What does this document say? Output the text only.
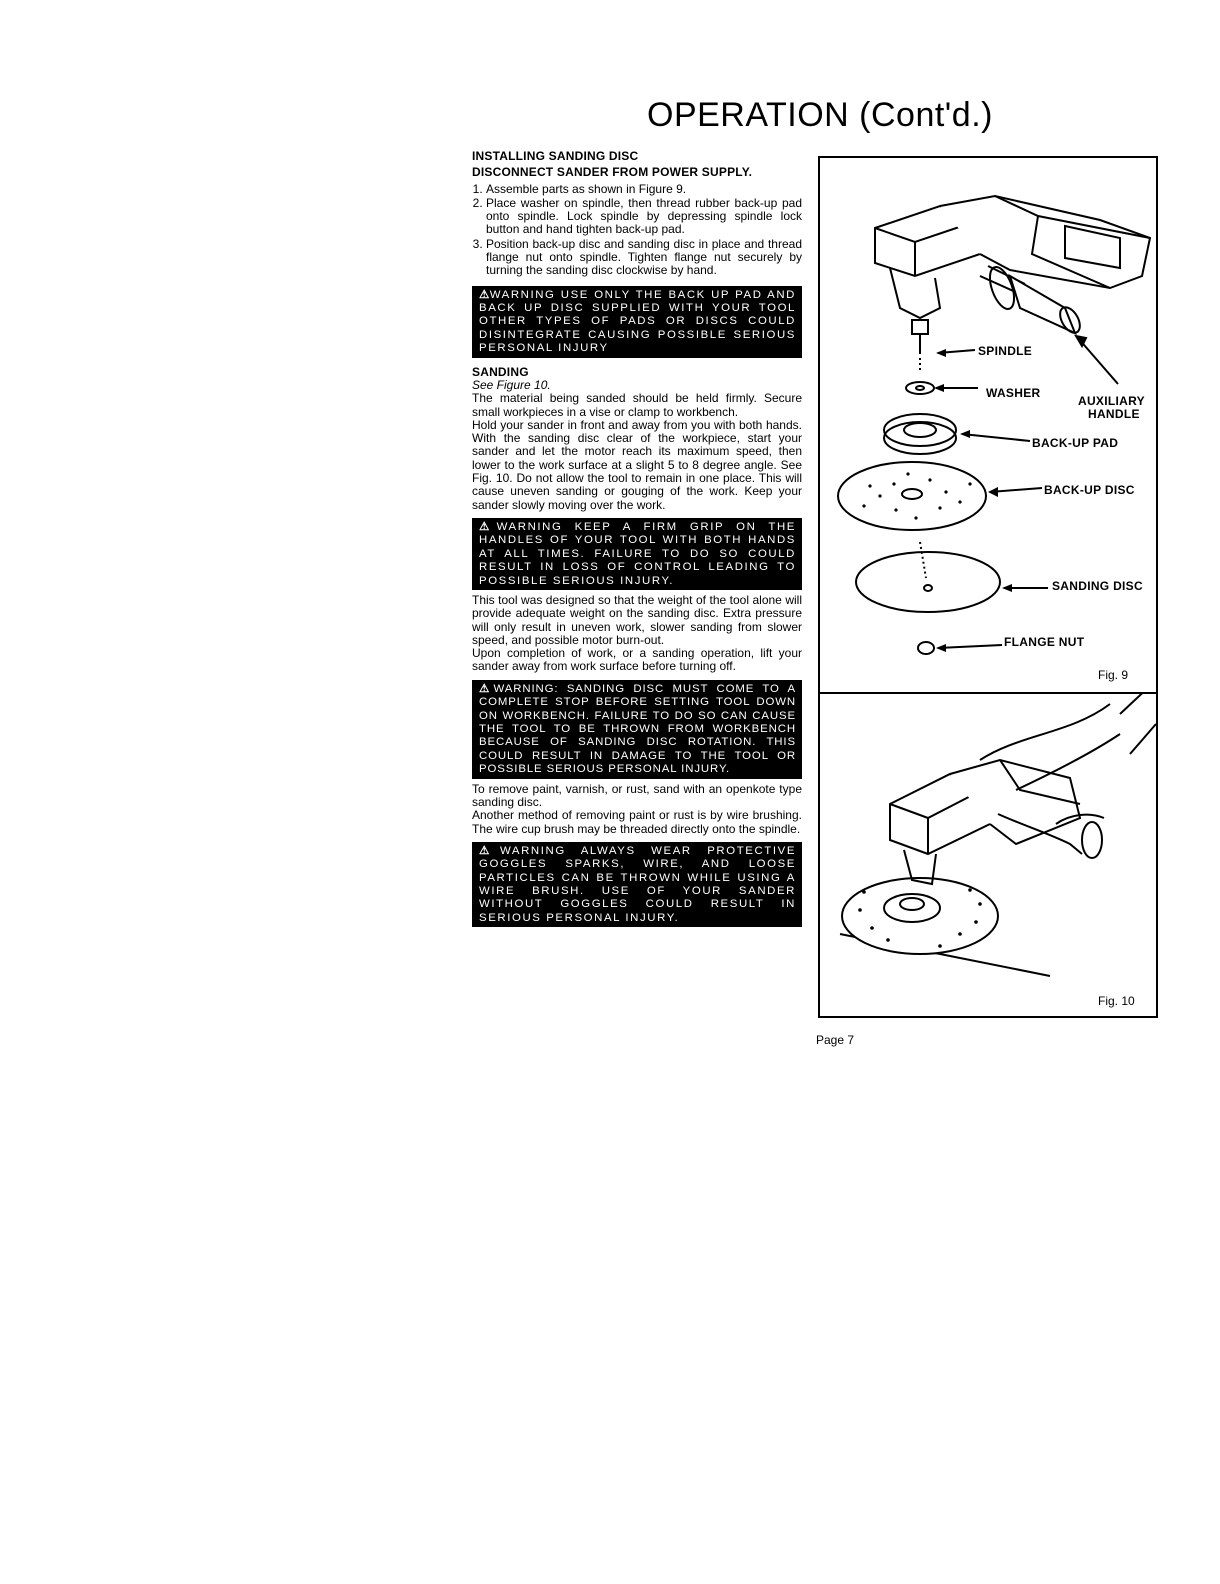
OPERATION (Cont'd.)
INSTALLING SANDING DISC
DISCONNECT SANDER FROM POWER SUPPLY.
1. Assemble parts as shown in Figure 9.
2. Place washer on spindle, then thread rubber back-up pad onto spindle. Lock spindle by depressing spindle lock button and hand tighten back-up pad.
3. Position back-up disc and sanding disc in place and thread flange nut onto spindle. Tighten flange nut securely by turning the sanding disc clockwise by hand.
⚠WARNING USE ONLY THE BACK UP PAD AND BACK UP DISC SUPPLIED WITH YOUR TOOL OTHER TYPES OF PADS OR DISCS COULD DISINTEGRATE CAUSING POSSIBLE SERIOUS PERSONAL INJURY
SANDING
See Figure 10.

The material being sanded should be held firmly. Secure small workpieces in a vise or clamp to workbench.

Hold your sander in front and away from you with both hands. With the sanding disc clear of the workpiece, start your sander and let the motor reach its maximum speed, then lower to the work surface at a slight 5 to 8 degree angle. See Fig. 10. Do not allow the tool to remain in one place. This will cause uneven sanding or gouging of the work. Keep your sander slowly moving over the work.

⚠WARNING KEEP A FIRM GRIP ON THE HANDLES OF YOUR TOOL WITH BOTH HANDS AT ALL TIMES. FAILURE TO DO SO COULD RESULT IN LOSS OF CONTROL LEADING TO POSSIBLE SERIOUS INJURY.

This tool was designed so that the weight of the tool alone will provide adequate weight on the sanding disc. Extra pressure will only result in uneven work, slower sanding from slower speed, and possible motor burn-out.

Upon completion of work, or a sanding operation, lift your sander away from work surface before turning off.

⚠WARNING: SANDING DISC MUST COME TO A COMPLETE STOP BEFORE SETTING TOOL DOWN ON WORKBENCH. FAILURE TO DO SO CAN CAUSE THE TOOL TO BE THROWN FROM WORKBENCH BECAUSE OF SANDING DISC ROTATION. THIS COULD RESULT IN DAMAGE TO THE TOOL OR POSSIBLE SERIOUS PERSONAL INJURY.

To remove paint, varnish, or rust, sand with an openkote type sanding disc.

Another method of removing paint or rust is by wire brushing. The wire cup brush may be threaded directly onto the spindle.

⚠WARNING ALWAYS WEAR PROTECTIVE GOGGLES SPARKS, WIRE, AND LOOSE PARTICLES CAN BE THROWN WHILE USING A WIRE BRUSH. USE OF YOUR SANDER WITHOUT GOGGLES COULD RESULT IN SERIOUS PERSONAL INJURY.
SPINDLE
WASHER
AUXILIARY
HANDLE
BACK-UP PAD
BACK-UP DISC
SANDING DISC
FLANGE NUT
Fig. 9
Fig. 10
Page 7
